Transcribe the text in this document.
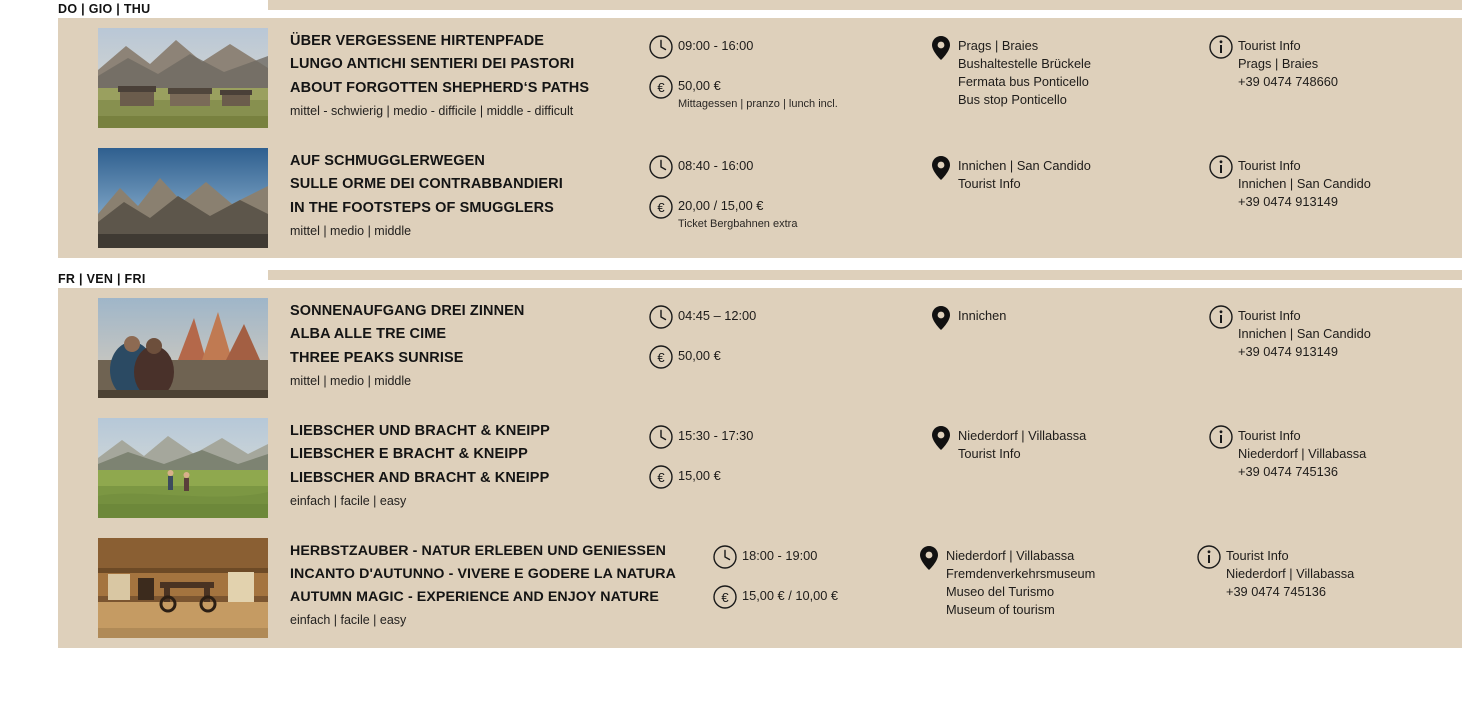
DO | GIO | THU
ÜBER VERGESSENE HIRTENPFADE
LUNGO ANTICHI SENTIERI DEI PASTORI
ABOUT FORGOTTEN SHEPHERD‘S PATHS
mittel - schwierig | medio - difficile | middle - difficult
09:00 - 16:00
€ 50,00 €
Mittagessen | pranzo | lunch incl.
Prags | Braies
Bushaltestelle Brückele
Fermata bus Ponticello
Bus stop Ponticello
Tourist Info
Prags | Braies
+39 0474 748660
AUF SCHMUGGLERWEGEN
SULLE ORME DEI CONTRABBANDIERI
IN THE FOOTSTEPS OF SMUGGLERS
mittel | medio | middle
08:40 - 16:00
€ 20,00 / 15,00 €
Ticket Bergbahnen extra
Innichen | San Candido
Tourist Info
Tourist Info
Innichen | San Candido
+39 0474 913149
FR | VEN | FRI
SONNENAUFGANG DREI ZINNEN
ALBA ALLE TRE CIME
THREE PEAKS SUNRISE
mittel | medio | middle
04:45 – 12:00
€ 50,00 €
Innichen	Tourist Info
Innichen | San Candido
+39 0474 913149
LIEBSCHER UND BRACHT & KNEIPP
LIEBSCHER E BRACHT & KNEIPP
LIEBSCHER AND BRACHT & KNEIPP
einfach | facile | easy
15:30 - 17:30
€ 15,00 €
Niederdorf | Villabassa
Tourist Info
Tourist Info
Niederdorf | Villabassa
+39 0474 745136
HERBSTZAUBER - NATUR ERLEBEN UND GENIESSEN
INCANTO D'AUTUNNO - VIVERE E GODERE LA NATURA
AUTUMN MAGIC - EXPERIENCE AND ENJOY NATURE
einfach | facile | easy
18:00 - 19:00
€ 15,00 € / 10,00 €
Niederdorf | Villabassa
Fremdenverkehrsmuseum
Museo del Turismo
Museum of tourism
Tourist Info
Niederdorf | Villabassa
+39 0474 745136
